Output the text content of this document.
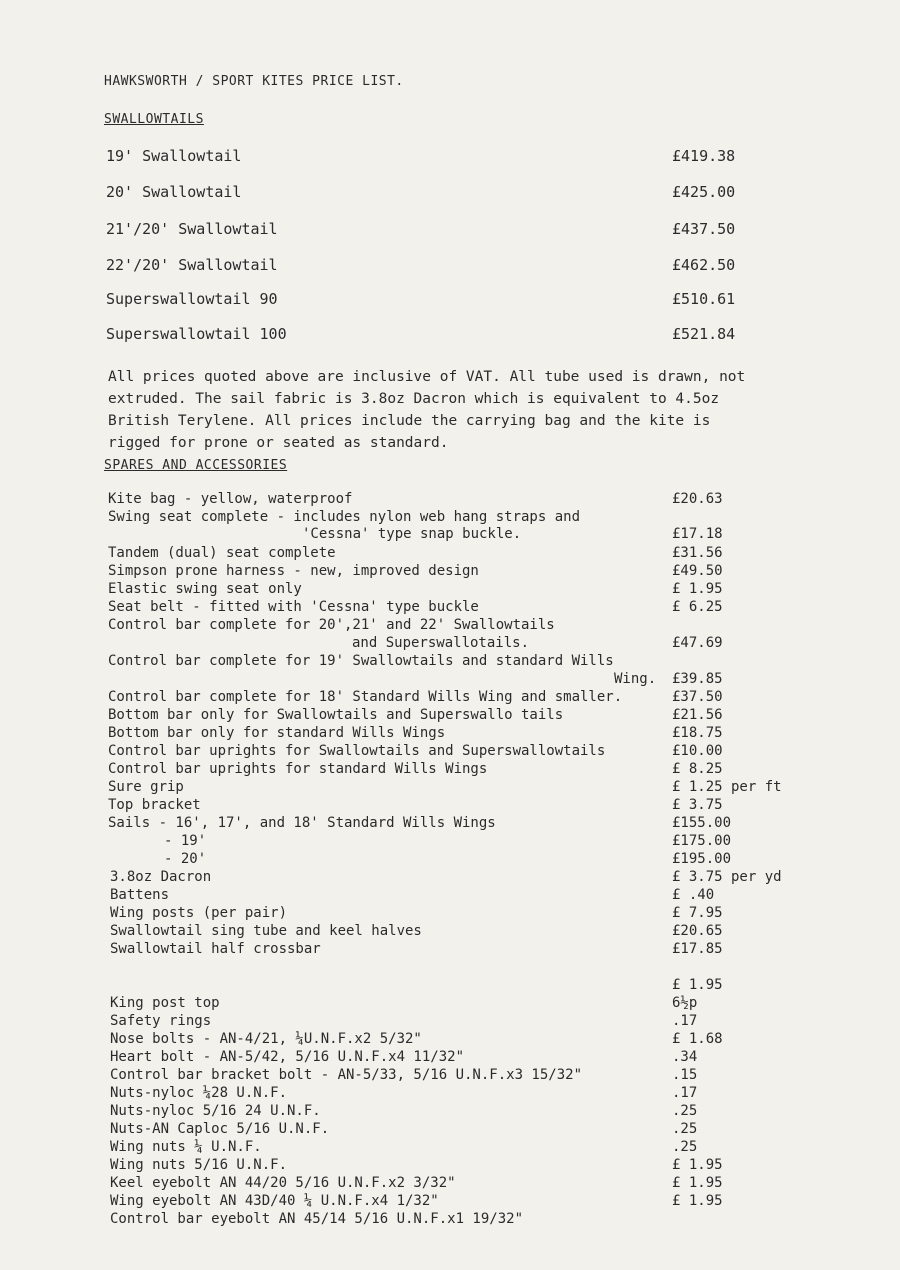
HAWKSWORTH / SPORT KITES PRICE LIST.
SWALLOWTAILS
19' Swallowtail	£419.38
20' Swallowtail	£425.00
21'/20' Swallowtail	£437.50
22'/20' Swallowtail	£462.50
Superswallowtail 90	£510.61
Superswallowtail 100	£521.84
All prices quoted above are inclusive of VAT. All tube used is drawn, not extruded. The sail fabric is 3.8oz Dacron which is equivalent to 4.5oz British Terylene. All prices include the carrying bag and the kite is rigged for prone or seated as standard.
SPARES AND ACCESSORIES
Kite bag - yellow, waterproof	£20.63
Swing seat complete - includes nylon web hang straps and
'Cessna' type snap buckle.	£17.18
Tandem (dual) seat complete	£31.56
Simpson prone harness - new, improved design	£49.50
Elastic swing seat only	£ 1.95
Seat belt - fitted with 'Cessna' type buckle	£ 6.25
Control bar complete for 20',21' and 22' Swallowtails
and Superswallotails.	£47.69
Control bar complete for 19' Swallowtails and standard Wills
Wing. £39.85
Control bar complete for 18' Standard Wills Wing and smaller.	£37.50
Bottom bar only for Swallowtails and Superswallo tails	£21.56
Bottom bar only for standard Wills Wings	£18.75
Control bar uprights for Swallowtails and Superswallowtails	£10.00
Control bar uprights for standard Wills Wings	£ 8.25
Sure grip	£ 1.25 per ft
Top bracket	£ 3.75
Sails - 16', 17', and 18' Standard Wills Wings	£155.00
- 19'	£175.00
- 20'	£195.00
3.8oz Dacron	£ 3.75 per yd
Battens	£ .40
Wing posts (per pair)	£ 7.95
Swallowtail sing tube and keel halves	£20.65
Swallowtail half crossbar	£17.85
£ 1.95
King post top	6½p
Safety rings	.17
Nose bolts - AN-4/21, ¼U.N.F.x2 5/32"	£ 1.68
Heart bolt - AN-5/42, 5/16 U.N.F.x4 11/32"	.34
Control bar bracket bolt - AN-5/33, 5/16 U.N.F.x3 15/32"	.15
Nuts-nyloc ¼28 U.N.F.	.17
Nuts-nyloc 5/16 24 U.N.F.	.25
Nuts-AN Caploc 5/16 U.N.F.	.25
Wing nuts ¼ U.N.F.	.25
Wing nuts 5/16 U.N.F.	£ 1.95
Keel eyebolt AN 44/20 5/16 U.N.F.x2 3/32"	£ 1.95
Wing eyebolt AN 43D/40 ¼ U.N.F.x4 1/32"	£ 1.95
Control bar eyebolt AN 45/14 5/16 U.N.F.x1 19/32"
